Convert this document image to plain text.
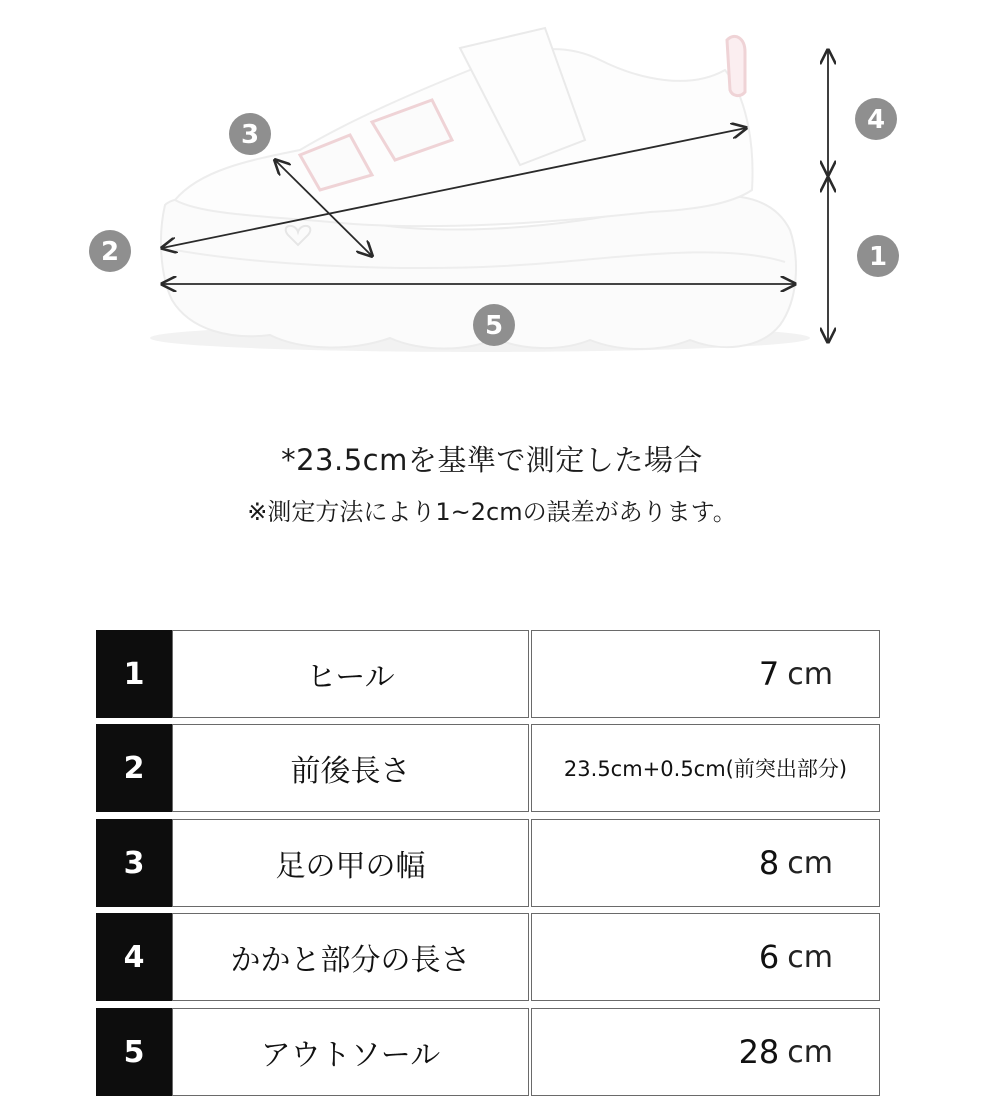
3
2
5
4
1
*23.5cmを基準で測定した場合
※測定方法により1~2cmの誤差があります。
1	ヒール	7 cm
2	前後長さ	23.5cm+0.5cm(前突出部分)
3	足の甲の幅	8 cm
4	かかと部分の長さ	6 cm
5	アウトソール	28 cm
